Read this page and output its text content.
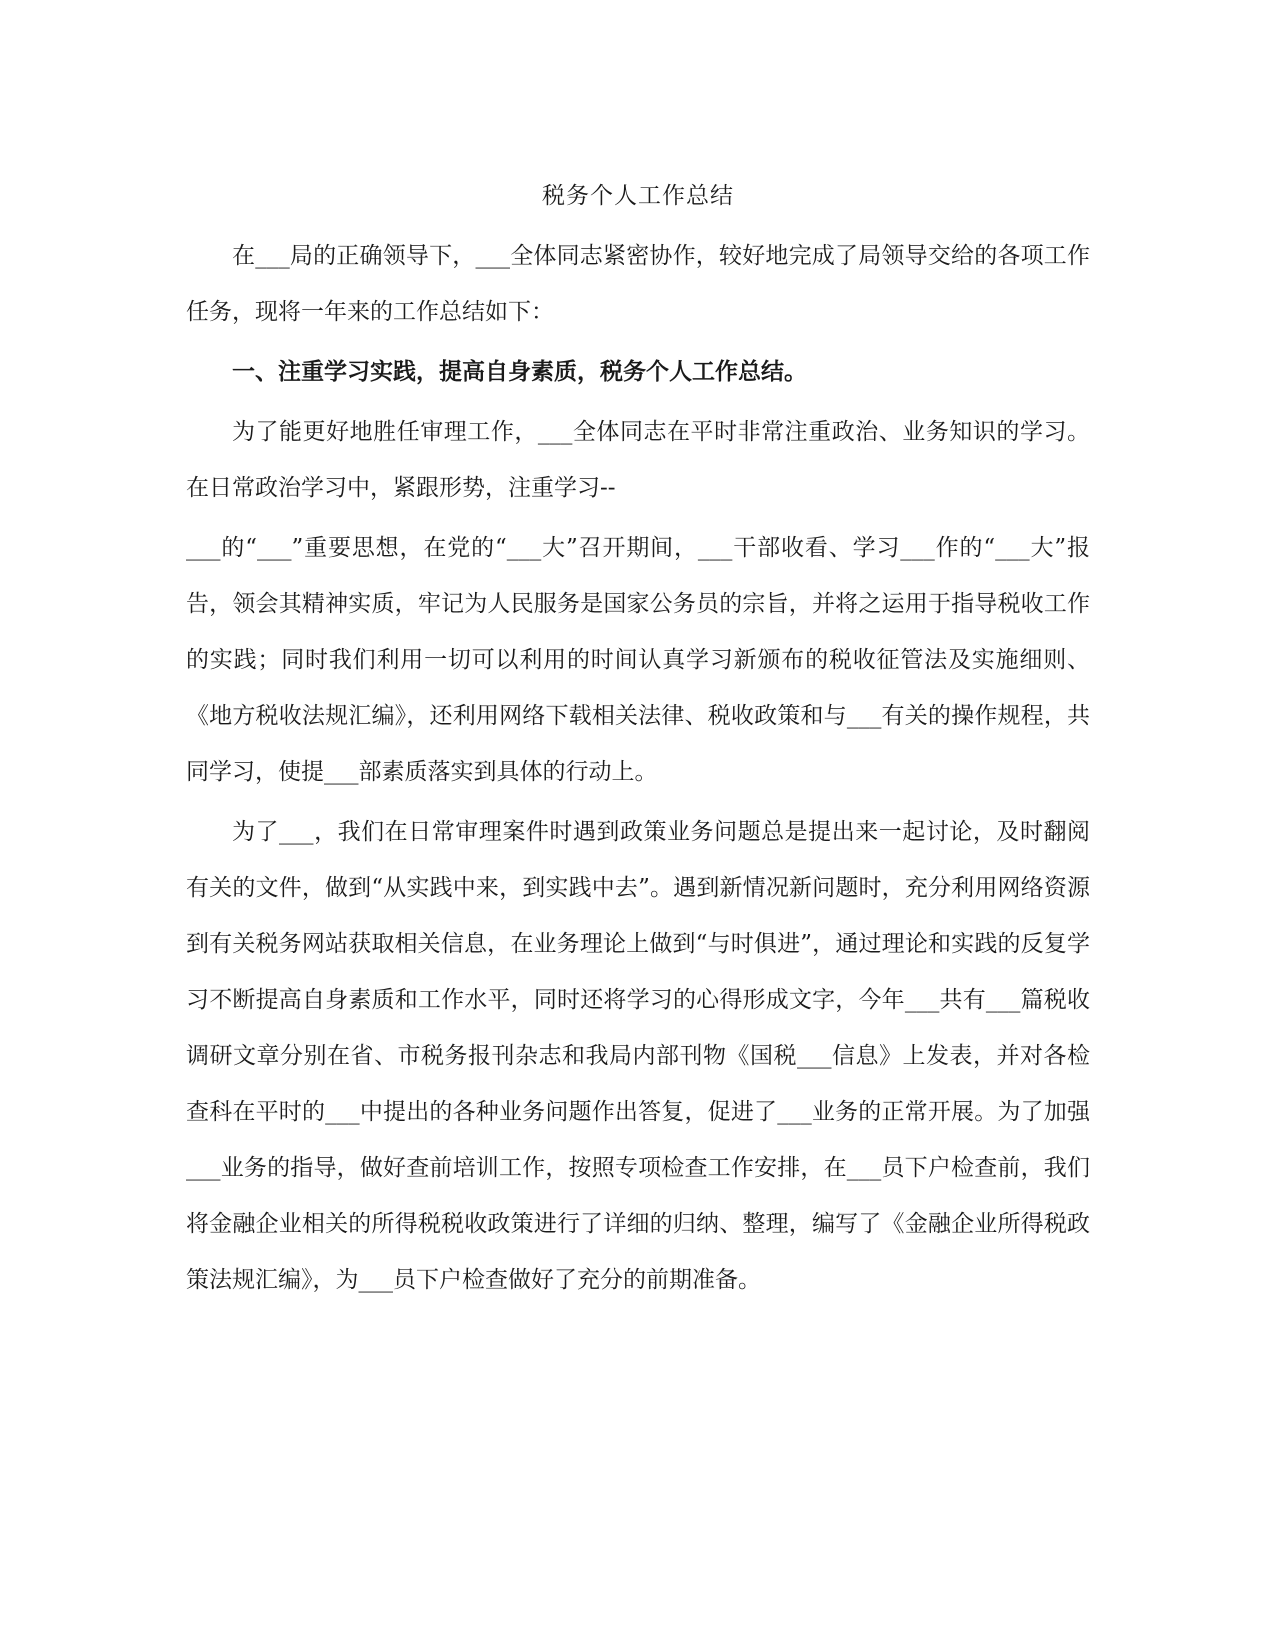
税务个人工作总结

在___局的正确领导下，___全体同志紧密协作，较好地完成了局领导交给的各项工作任务，现将一年来的工作总结如下：

一、注重学习实践，提高自身素质，税务个人工作总结。

为了能更好地胜任审理工作，___全体同志在平时非常注重政治、业务知识的学习。在日常政治学习中，紧跟形势，注重学习--

___的“___”重要思想，在党的“___大”召开期间，___干部收看、学习___作的“___大”报告，领会其精神实质，牢记为人民服务是国家公务员的宗旨，并将之运用于指导税收工作的实践；同时我们利用一切可以利用的时间认真学习新颁布的税收征管法及实施细则、《地方税收法规汇编》，还利用网络下载相关法律、税收政策和与___有关的操作规程，共同学习，使提___部素质落实到具体的行动上。

为了___，我们在日常审理案件时遇到政策业务问题总是提出来一起讨论，及时翻阅有关的文件，做到“从实践中来，到实践中去”。遇到新情况新问题时，充分利用网络资源到有关税务网站获取相关信息，在业务理论上做到“与时俱进”，通过理论和实践的反复学习不断提高自身素质和工作水平，同时还将学习的心得形成文字，今年___共有___篇税收调研文章分别在省、市税务报刊杂志和我局内部刊物《国税___信息》上发表，并对各检查科在平时的___中提出的各种业务问题作出答复，促进了___业务的正常开展。为了加强___业务的指导，做好查前培训工作，按照专项检查工作安排，在___员下户检查前，我们将金融企业相关的所得税税收政策进行了详细的归纳、整理，编写了《金融企业所得税政策法规汇编》，为___员下户检查做好了充分的前期准备。
